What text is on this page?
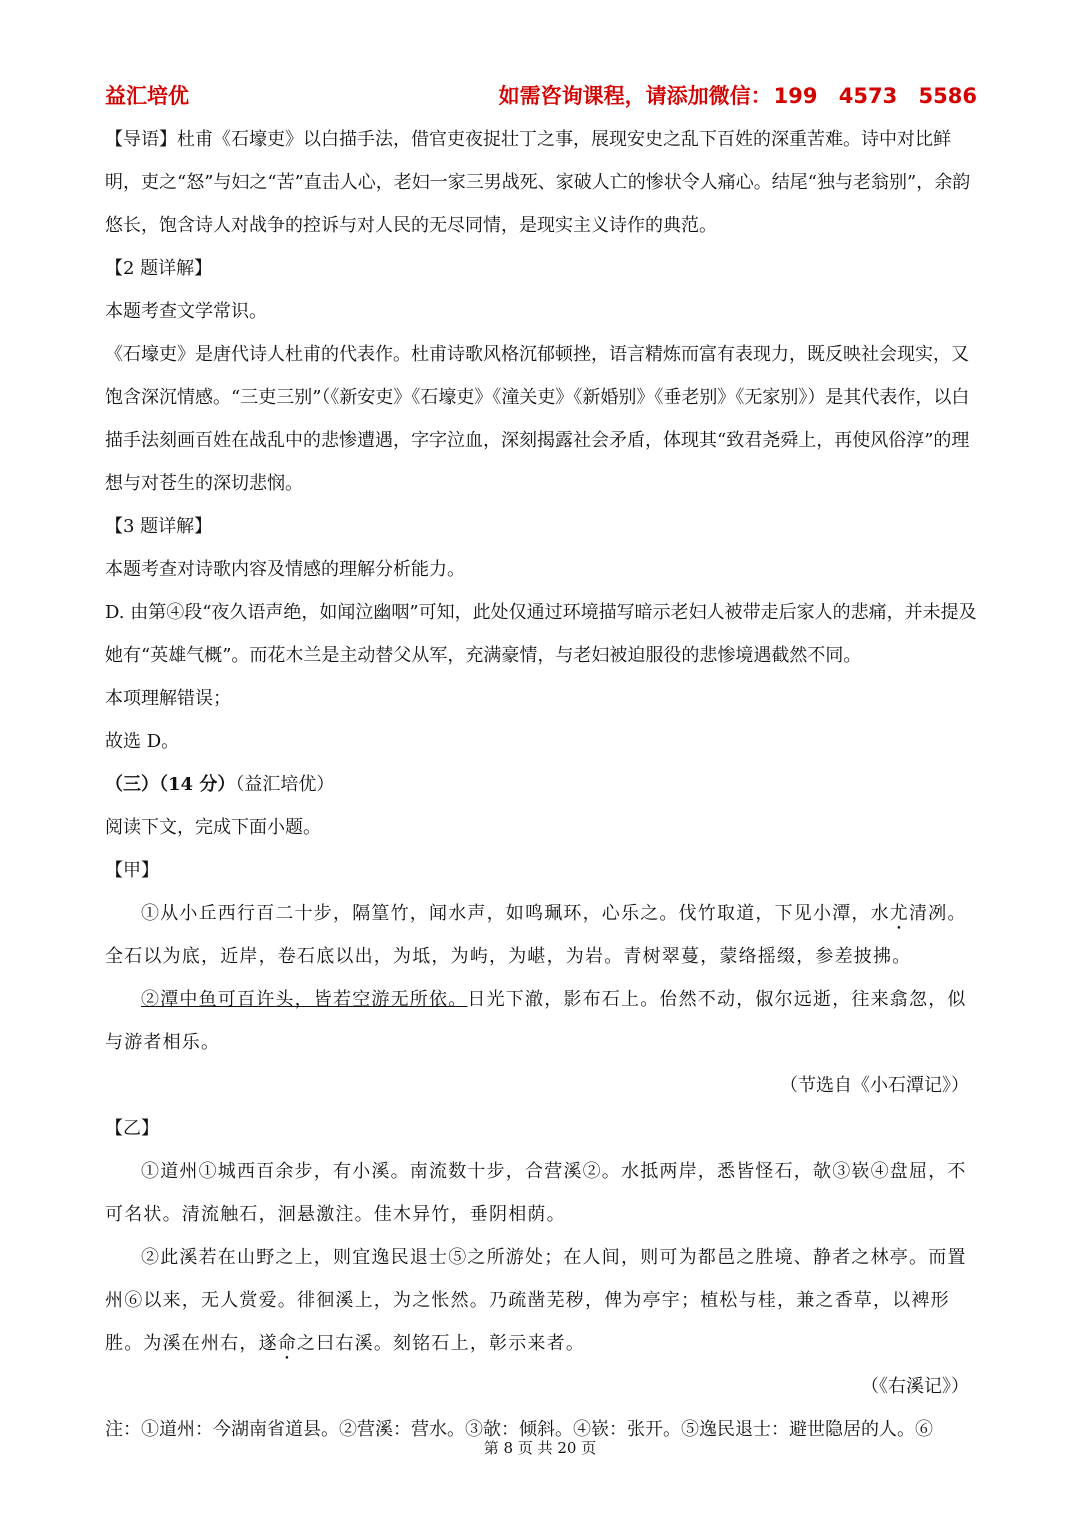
益汇培优	如需咨询课程，请添加微信：199 4573 5586

【导语】杜甫《石壕吏》以白描手法，借官吏夜捉壮丁之事，展现安史之乱下百姓的深重苦难。诗中对比鲜明，吏之“怒”与妇之“苦”直击人心，老妇一家三男战死、家破人亡的惨状令人痛心。结尾“独与老翁别”，余韵悠长，饱含诗人对战争的控诉与对人民的无尽同情，是现实主义诗作的典范。

【2 题详解】

本题考查文学常识。

《石壕吏》是唐代诗人杜甫的代表作。杜甫诗歌风格沉郁顿挫，语言精炼而富有表现力，既反映社会现实，又饱含深沉情感。“三吏三别”（《新安吏》《石壕吏》《潼关吏》《新婚别》《垂老别》《无家别》）是其代表作，以白描手法刻画百姓在战乱中的悲惨遭遇，字字泣血，深刻揭露社会矛盾，体现其“致君尧舜上，再使风俗淳”的理想与对苍生的深切悲悯。

【3 题详解】

本题考查对诗歌内容及情感的理解分析能力。

D. 由第④段“夜久语声绝，如闻泣幽咽”可知，此处仅通过环境描写暗示老妇人被带走后家人的悲痛，并未提及她有“英雄气概”。而花木兰是主动替父从军，充满豪情，与老妇被迫服役的悲惨境遇截然不同。

本项理解错误；

故选 D。

（三）（14 分）（益汇培优）

阅读下文，完成下面小题。

【甲】

①从小丘西行百二十步，隔篁竹，闻水声，如鸣珮环，心乐之。伐竹取道，下见小潭，水尤清冽。全石以为底，近岸，卷石底以出，为坻，为屿，为嵁，为岩。青树翠蔓，蒙络摇缀，参差披拂。

②潭中鱼可百许头，皆若空游无所依。日光下澈，影布石上。佁然不动，俶尔远逝，往来翕忽，似与游者相乐。

（节选自《小石潭记》）

【乙】

①道州①城西百余步，有小溪。南流数十步，合营溪②。水抵两岸，悉皆怪石，欹③嵚④盘屈，不可名状。清流触石，洄悬激注。佳木异竹，垂阴相荫。

②此溪若在山野之上，则宜逸民退士⑤之所游处；在人间，则可为都邑之胜境、静者之林亭。而置州⑥以来，无人赏爱。徘徊溪上，为之怅然。乃疏凿芜秽，俾为亭宇；植松与桂，兼之香草，以裨形胜。为溪在州右，遂命之曰右溪。刻铭石上，彰示来者。

（《右溪记》）

注：①道州：今湖南省道县。②营溪：营水。③欹：倾斜。④嵚：张开。⑤逸民退士：避世隐居的人。⑥

第 8 页 共 20 页
